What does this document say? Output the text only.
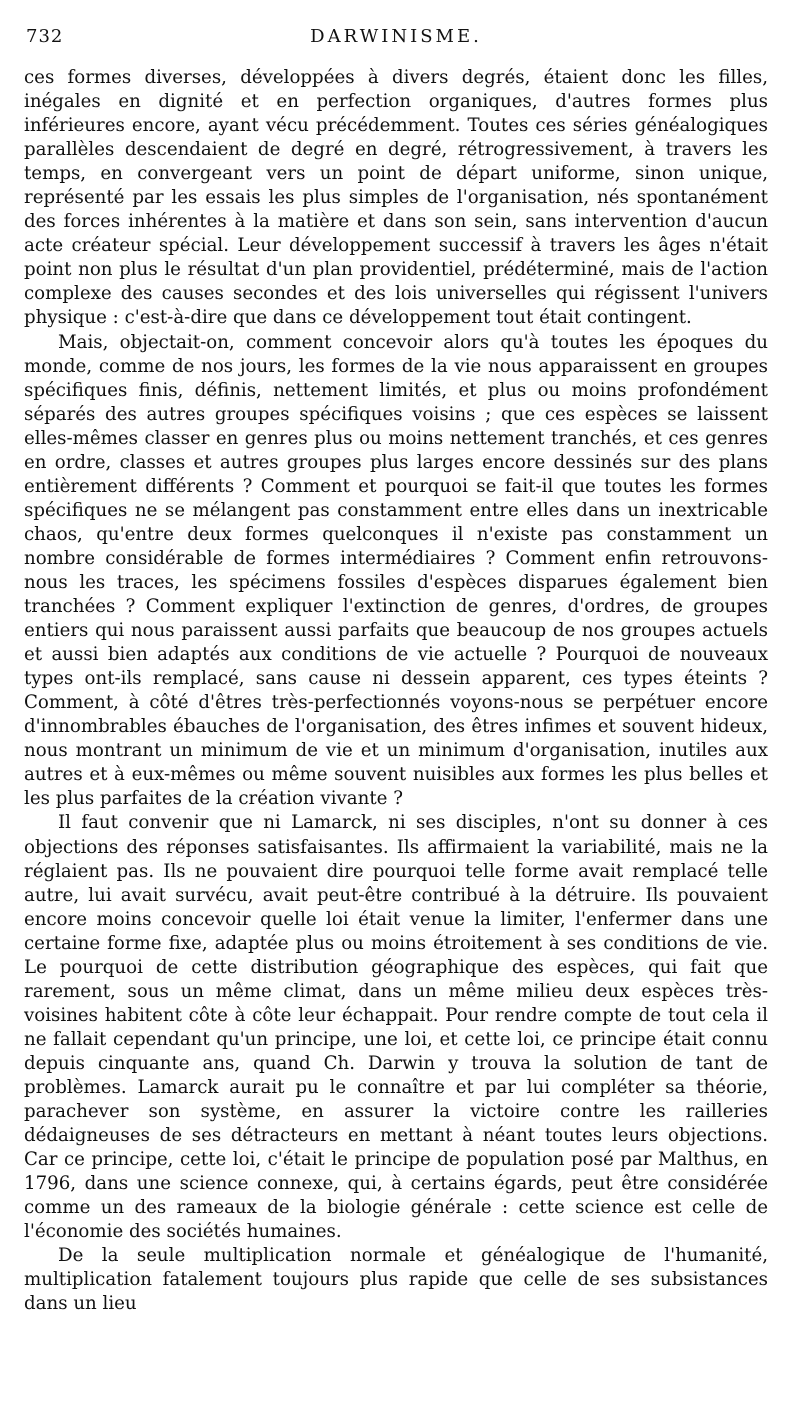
732	DARWINISME.

ces formes diverses, développées à divers degrés, étaient donc les filles, inégales en dignité et en perfection organiques, d'autres formes plus inférieures encore, ayant vécu précédemment. Toutes ces séries généalogiques parallèles descendaient de degré en degré, rétrogressivement, à travers les temps, en convergeant vers un point de départ uniforme, sinon unique, représenté par les essais les plus simples de l'organisation, nés spontanément des forces inhérentes à la matière et dans son sein, sans intervention d'aucun acte créateur spécial. Leur développement successif à travers les âges n'était point non plus le résultat d'un plan providentiel, prédéterminé, mais de l'action complexe des causes secondes et des lois universelles qui régissent l'univers physique : c'est-à-dire que dans ce développement tout était contingent.

Mais, objectait-on, comment concevoir alors qu'à toutes les époques du monde, comme de nos jours, les formes de la vie nous apparaissent en groupes spécifiques finis, définis, nettement limités, et plus ou moins profondément séparés des autres groupes spécifiques voisins ; que ces espèces se laissent elles-mêmes classer en genres plus ou moins nettement tranchés, et ces genres en ordre, classes et autres groupes plus larges encore dessinés sur des plans entièrement différents ? Comment et pourquoi se fait-il que toutes les formes spécifiques ne se mélangent pas constamment entre elles dans un inextricable chaos, qu'entre deux formes quelconques il n'existe pas constamment un nombre considérable de formes intermédiaires ? Comment enfin retrouvons-nous les traces, les spécimens fossiles d'espèces disparues également bien tranchées ? Comment expliquer l'extinction de genres, d'ordres, de groupes entiers qui nous paraissent aussi parfaits que beaucoup de nos groupes actuels et aussi bien adaptés aux conditions de vie actuelle ? Pourquoi de nouveaux types ont-ils remplacé, sans cause ni dessein apparent, ces types éteints ? Comment, à côté d'êtres très-perfectionnés voyons-nous se perpétuer encore d'innombrables ébauches de l'organisation, des êtres infimes et souvent hideux, nous montrant un minimum de vie et un minimum d'organisation, inutiles aux autres et à eux-mêmes ou même souvent nuisibles aux formes les plus belles et les plus parfaites de la création vivante ?

Il faut convenir que ni Lamarck, ni ses disciples, n'ont su donner à ces objections des réponses satisfaisantes. Ils affirmaient la variabilité, mais ne la réglaient pas. Ils ne pouvaient dire pourquoi telle forme avait remplacé telle autre, lui avait survécu, avait peut-être contribué à la détruire. Ils pouvaient encore moins concevoir quelle loi était venue la limiter, l'enfermer dans une certaine forme fixe, adaptée plus ou moins étroitement à ses conditions de vie. Le pourquoi de cette distribution géographique des espèces, qui fait que rarement, sous un même climat, dans un même milieu deux espèces très-voisines habitent côte à côte leur échappait. Pour rendre compte de tout cela il ne fallait cependant qu'un principe, une loi, et cette loi, ce principe était connu depuis cinquante ans, quand Ch. Darwin y trouva la solution de tant de problèmes. Lamarck aurait pu le connaître et par lui compléter sa théorie, parachever son système, en assurer la victoire contre les railleries dédaigneuses de ses détracteurs en mettant à néant toutes leurs objections. Car ce principe, cette loi, c'était le principe de population posé par Malthus, en 1796, dans une science connexe, qui, à certains égards, peut être considérée comme un des rameaux de la biologie générale : cette science est celle de l'économie des sociétés humaines.

De la seule multiplication normale et généalogique de l'humanité, multiplication fatalement toujours plus rapide que celle de ses subsistances dans un lieu
